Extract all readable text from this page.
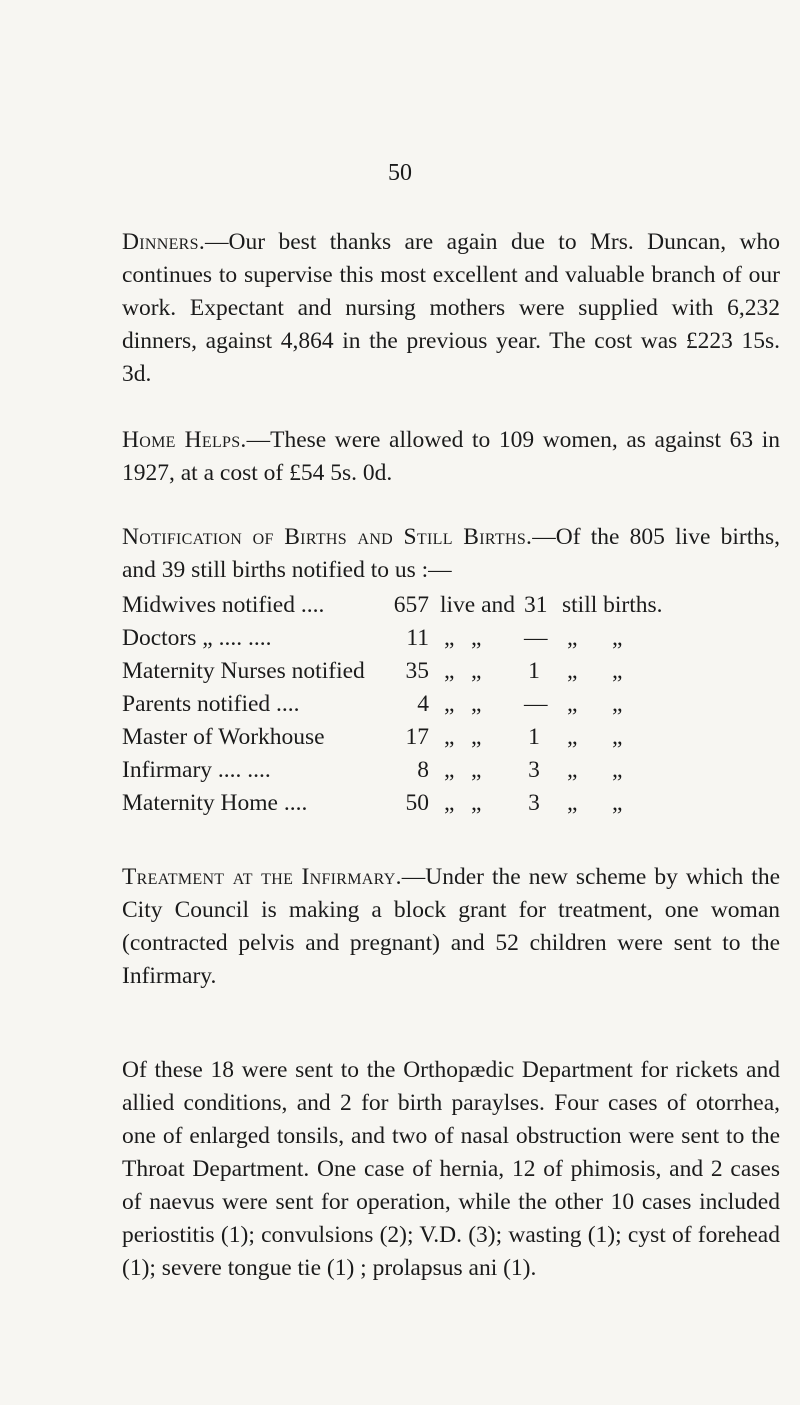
50

Dinners.—Our best thanks are again due to Mrs. Duncan, who continues to supervise this most excellent and valuable branch of our work. Expectant and nursing mothers were supplied with 6,232 dinners, against 4,864 in the previous year. The cost was £223 15s. 3d.

Home Helps.—These were allowed to 109 women, as against 63 in 1927, at a cost of £54 5s. 0d.

Notification of Births and Still Births.—Of the 805 live births, and 39 still births notified to us :—

Midwives notified ....	657 live and 31 still births.
Doctors „ .... ....	11 „ „ — „ „
Maternity Nurses notified	35 „ „ 1 „ „
Parents notified ....	4 „ „ — „ „
Master of Workhouse	17 „ „ 1 „ „
Infirmary .... ....	8 „ „ 3 „ „
Maternity Home ....	50 „ „ 3 „ „

Treatment at the Infirmary.—Under the new scheme by which the City Council is making a block grant for treatment, one woman (contracted pelvis and pregnant) and 52 children were sent to the Infirmary.

Of these 18 were sent to the Orthopædic Department for rickets and allied conditions, and 2 for birth paraylses. Four cases of otorrhea, one of enlarged tonsils, and two of nasal obstruction were sent to the Throat Department. One case of hernia, 12 of phimosis, and 2 cases of naevus were sent for operation, while the other 10 cases included periostitis (1); convulsions (2); V.D. (3); wasting (1); cyst of forehead (1); severe tongue tie (1) ; prolapsus ani (1).
